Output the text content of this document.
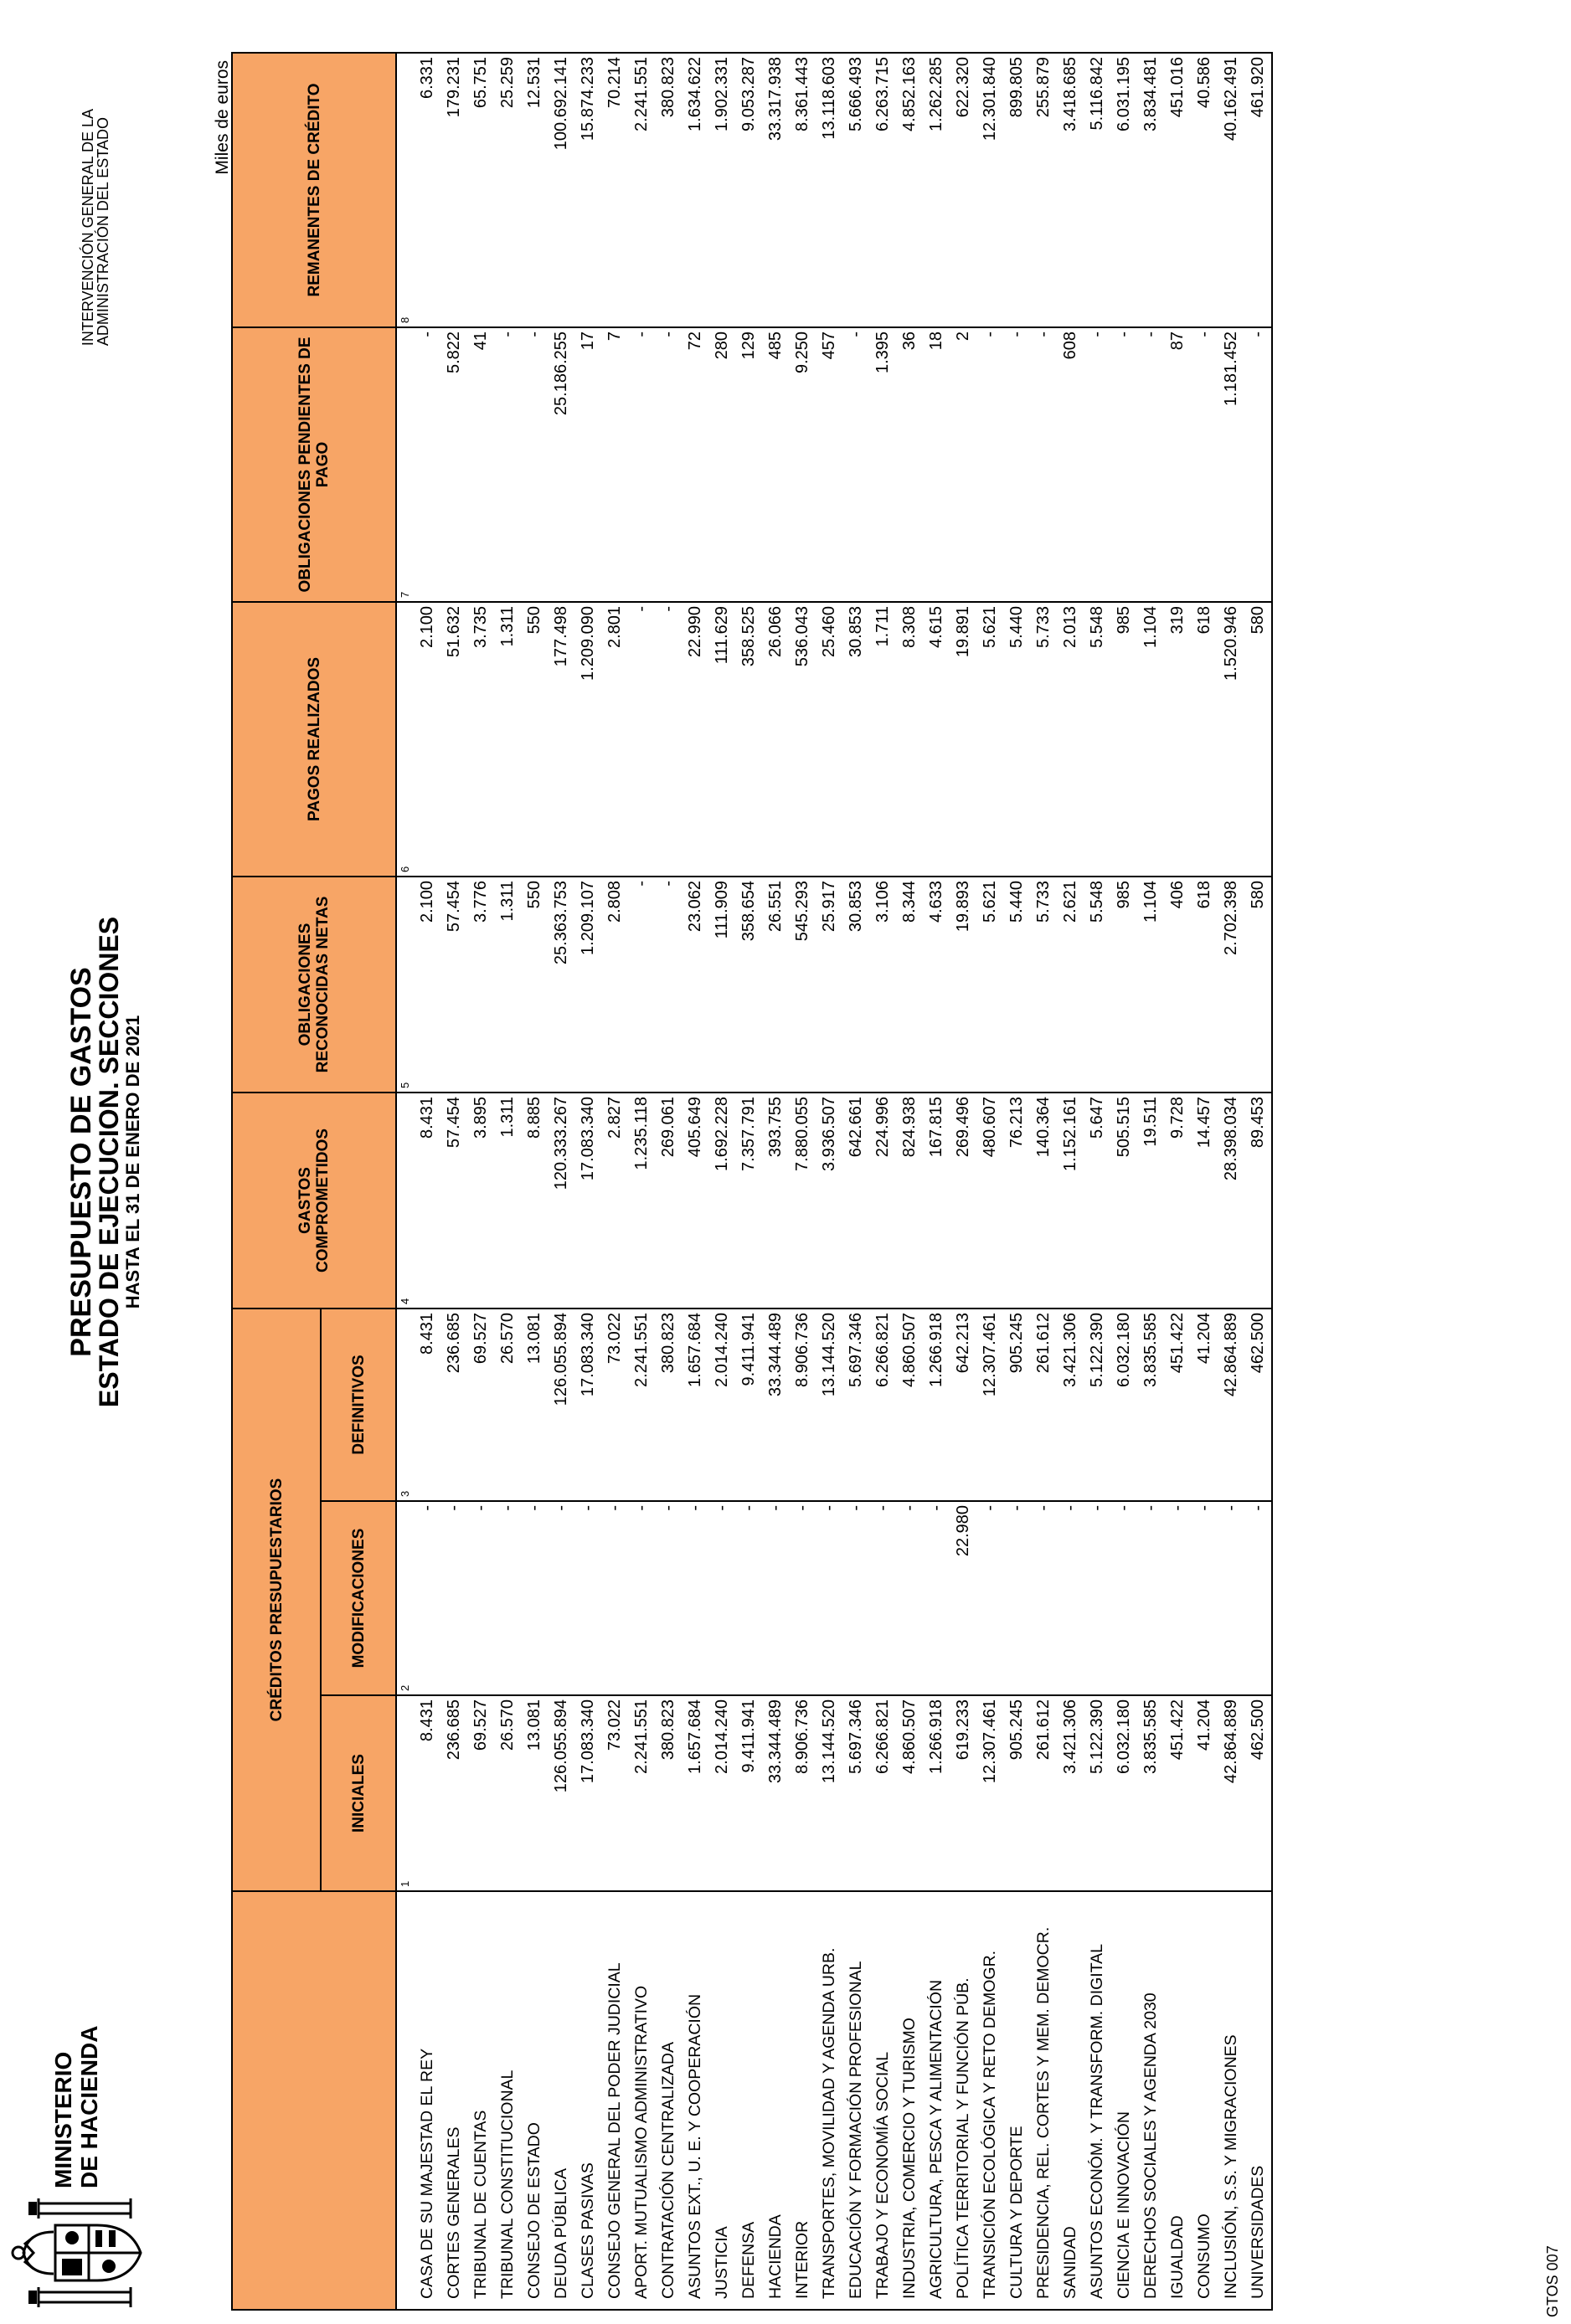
MINISTERIO DE HACIENDA
PRESUPUESTO DE GASTOS
ESTADO DE EJECUCION. SECCIONES
HASTA EL 31 DE ENERO DE 2021
INTERVENCIÓN GENERAL DE LA
ADMINISTRACIÓN DEL ESTADO	Miles de euros
	CRÉDITOS PRESUPUESTARIOS			GASTOS COMPROMETIDOS	OBLIGACIONES RECONOCIDAS NETAS	PAGOS REALIZADOS	OBLIGACIONES PENDIENTES DE PAGO	REMANENTES DE CRÉDITO
	INICIALES	MODIFICACIONES	DEFINITIVOS					
	1	2	3	4	5	6	7	8
CASA DE SU MAJESTAD EL REY	8.431	-	8.431	8.431	2.100	2.100	-	6.331
CORTES GENERALES	236.685	-	236.685	57.454	57.454	51.632	5.822	179.231
TRIBUNAL DE CUENTAS	69.527	-	69.527	3.895	3.776	3.735	41	65.751
TRIBUNAL CONSTITUCIONAL	26.570	-	26.570	1.311	1.311	1.311	-	25.259
CONSEJO DE ESTADO	13.081	-	13.081	8.885	550	550	-	12.531
DEUDA PÚBLICA	126.055.894	-	126.055.894	120.333.267	25.363.753	177.498	25.186.255	100.692.141
CLASES PASIVAS	17.083.340	-	17.083.340	17.083.340	1.209.107	1.209.090	17	15.874.233
CONSEJO GENERAL DEL PODER JUDICIAL	73.022	-	73.022	2.827	2.808	2.801	7	70.214
APORT. MUTUALISMO ADMINISTRATIVO	2.241.551	-	2.241.551	1.235.118	-	-	-	2.241.551
CONTRATACIÓN CENTRALIZADA	380.823	-	380.823	269.061	-	-	-	380.823
ASUNTOS EXT., U. E. Y COOPERACIÓN	1.657.684	-	1.657.684	405.649	23.062	22.990	72	1.634.622
JUSTICIA	2.014.240	-	2.014.240	1.692.228	111.909	111.629	280	1.902.331
DEFENSA	9.411.941	-	9.411.941	7.357.791	358.654	358.525	129	9.053.287
HACIENDA	33.344.489	-	33.344.489	393.755	26.551	26.066	485	33.317.938
INTERIOR	8.906.736	-	8.906.736	7.880.055	545.293	536.043	9.250	8.361.443
TRANSPORTES, MOVILIDAD Y AGENDA URB.	13.144.520	-	13.144.520	3.936.507	25.917	25.460	457	13.118.603
EDUCACIÓN Y FORMACIÓN PROFESIONAL	5.697.346	-	5.697.346	642.661	30.853	30.853	-	5.666.493
TRABAJO Y ECONOMÍA SOCIAL	6.266.821	-	6.266.821	224.996	3.106	1.711	1.395	6.263.715
INDUSTRIA, COMERCIO Y TURISMO	4.860.507	-	4.860.507	824.938	8.344	8.308	36	4.852.163
AGRICULTURA, PESCA Y ALIMENTACIÓN	1.266.918	-	1.266.918	167.815	4.633	4.615	18	1.262.285
POLÍTICA TERRITORIAL Y FUNCIÓN PÚB.	619.233	22.980	642.213	269.496	19.893	19.891	2	622.320
TRANSICIÓN ECOLÓGICA Y RETO DEMOGR.	12.307.461	-	12.307.461	480.607	5.621	5.621	-	12.301.840
CULTURA Y DEPORTE	905.245	-	905.245	76.213	5.440	5.440	-	899.805
PRESIDENCIA, REL. CORTES Y MEM. DEMOCR.	261.612	-	261.612	140.364	5.733	5.733	-	255.879
SANIDAD	3.421.306	-	3.421.306	1.152.161	2.621	2.013	608	3.418.685
ASUNTOS ECONÓM. Y TRANSFORM. DIGITAL	5.122.390	-	5.122.390	5.647	5.548	5.548	-	5.116.842
CIENCIA E INNOVACIÓN	6.032.180	-	6.032.180	505.515	985	985	-	6.031.195
DERECHOS SOCIALES Y AGENDA 2030	3.835.585	-	3.835.585	19.511	1.104	1.104	-	3.834.481
IGUALDAD	451.422	-	451.422	9.728	406	319	87	451.016
CONSUMO	41.204	-	41.204	14.457	618	618	-	40.586
INCLUSIÓN, S.S. Y MIGRACIONES	42.864.889	-	42.864.889	28.398.034	2.702.398	1.520.946	1.181.452	40.162.491
UNIVERSIDADES	462.500	-	462.500	89.453	580	580	-	461.920
GTOS 007
